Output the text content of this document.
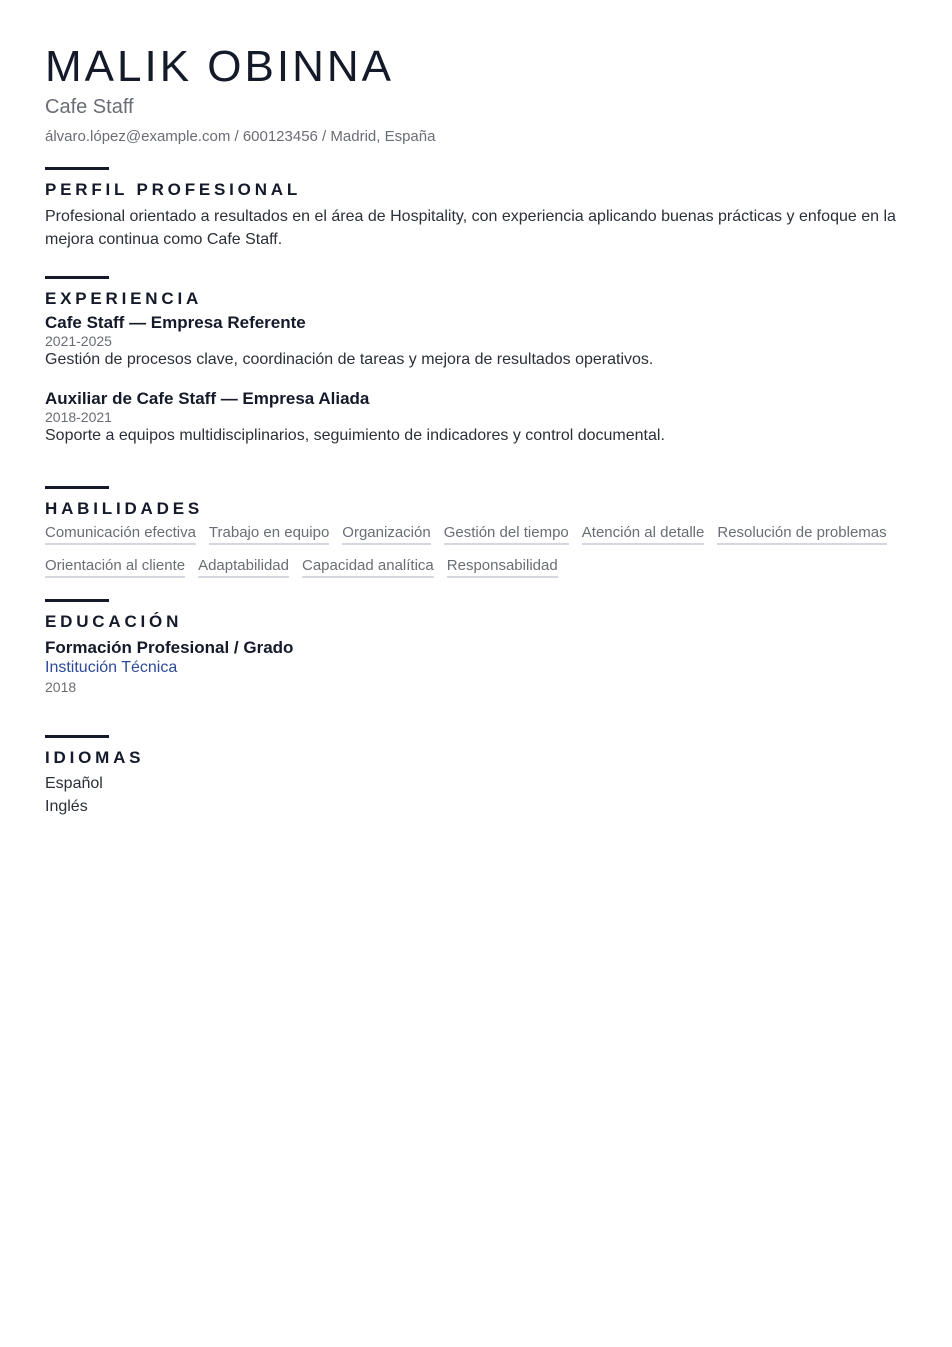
MALIK OBINNA
Cafe Staff
álvaro.lópez@example.com / 600123456 / Madrid, España
PERFIL PROFESIONAL

Profesional orientado a resultados en el área de Hospitality, con experiencia aplicando buenas prácticas y enfoque en la mejora continua como Cafe Staff.

EXPERIENCIA
Cafe Staff — Empresa Referente
2021-2025
Gestión de procesos clave, coordinación de tareas y mejora de resultados operativos.
Auxiliar de Cafe Staff — Empresa Aliada
2018-2021
Soporte a equipos multidisciplinarios, seguimiento de indicadores y control documental.
HABILIDADES
Comunicación efectiva Trabajo en equipo Organización Gestión del tiempo Atención al detalle Resolución de problemas
Orientación al cliente Adaptabilidad Capacidad analítica Responsabilidad
EDUCACIÓN
Formación Profesional / Grado
Institución Técnica
2018
IDIOMAS
Español
Inglés
